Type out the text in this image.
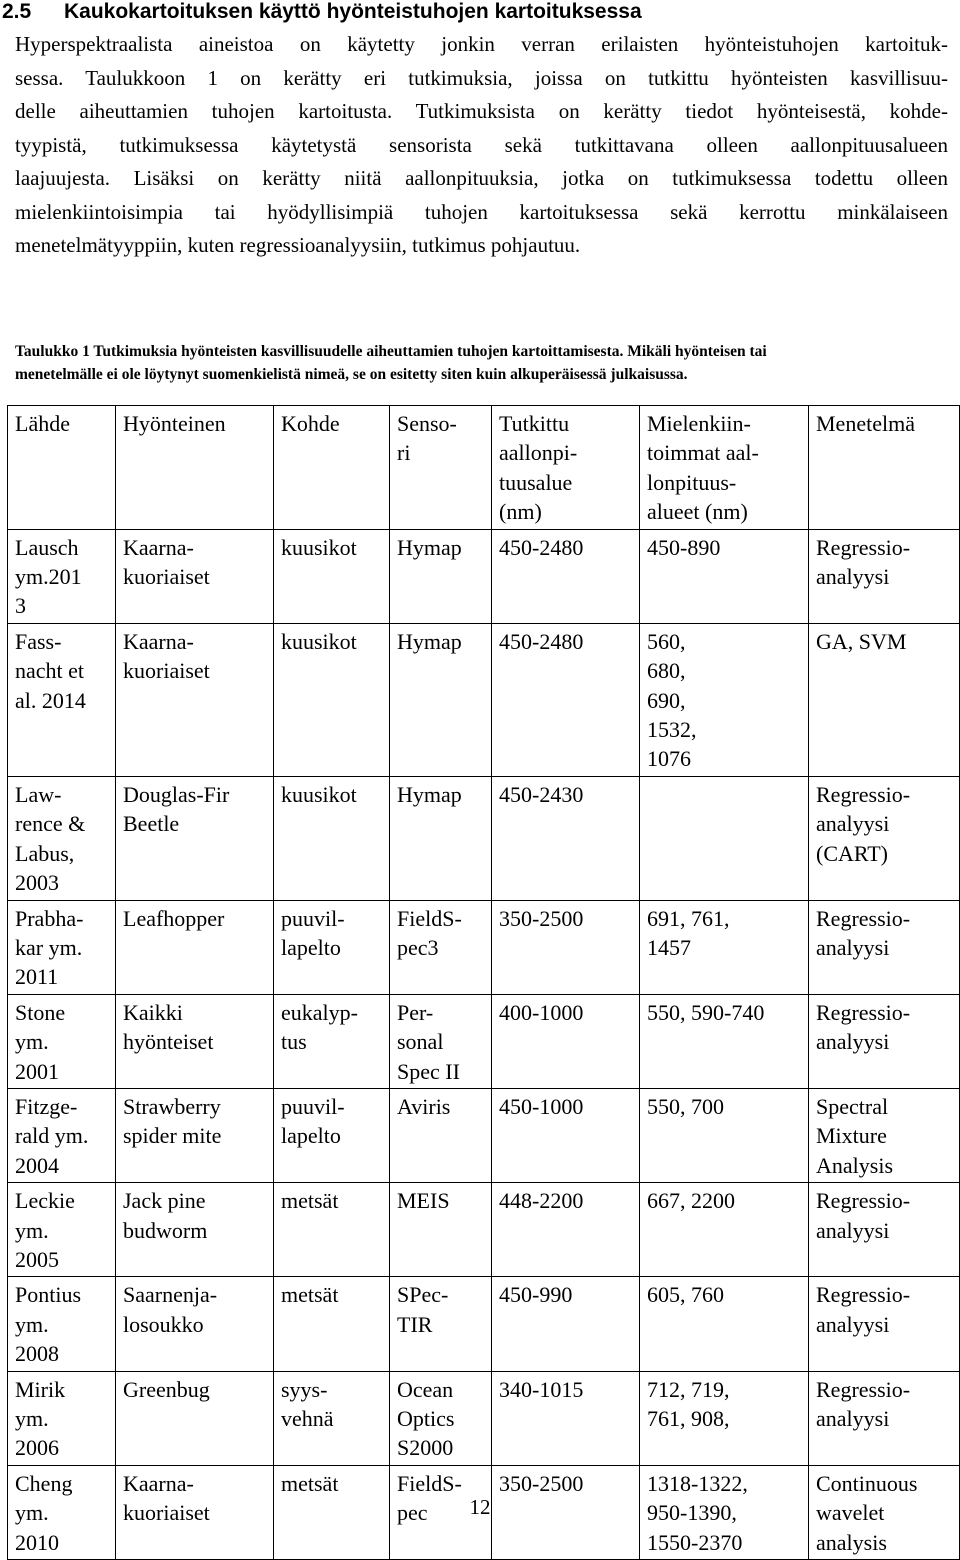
2.5 Kaukokartoituksen käyttö hyönteistuhojen kartoituksessa
Hyperspektraalista aineistoa on käytetty jonkin verran erilaisten hyönteistuhojen kartoituk-
sessa. Taulukkoon 1 on kerätty eri tutkimuksia, joissa on tutkittu hyönteisten kasvillisuu-
delle aiheuttamien tuhojen kartoitusta. Tutkimuksista on kerätty tiedot hyönteisestä, kohde-
tyypistä, tutkimuksessa käytetystä sensorista sekä tutkittavana olleen aallonpituusalueen
laajuujesta. Lisäksi on kerätty niitä aallonpituuksia, jotka on tutkimuksessa todettu olleen
mielenkiintoisimpia tai hyödyllisimpiä tuhojen kartoituksessa sekä kerrottu minkälaiseen
menetelmätyyppiin, kuten regressioanalyysiin, tutkimus pohjautuu.
Taulukko 1 Tutkimuksia hyönteisten kasvillisuudelle aiheuttamien tuhojen kartoittamisesta. Mikäli hyönteisen tai
menetelmälle ei ole löytynyt suomenkielistä nimeä, se on esitetty siten kuin alkuperäisessä julkaisussa.
Lähde	Hyönteinen	Kohde	Senso-
ri	Tutkittu
aallonpi-
tuusalue
(nm)	Mielenkiin-
toimmat aal-
lonpituus-
alueet (nm)	Menetelmä

Lausch
ym.201
3	Kaarna-
kuoriaiset	kuusikot	Hymap	450-2480	450-890	Regressio-
analyysi

Fass-
nacht et
al. 2014	Kaarna-
kuoriaiset	kuusikot	Hymap	450-2480	560,
680,
690,
1532,
1076	GA, SVM

Law-
rence &
Labus,
2003	Douglas-Fir
Beetle	kuusikot	Hymap	450-2430		Regressio-
analyysi
(CART)

Prabha-
kar ym.
2011	Leafhopper	puuvil-
lapelto	FieldS-
pec3	350-2500	691, 761,
1457	Regressio-
analyysi

Stone
ym.
2001	Kaikki
hyönteiset	eukalyp-
tus	Per-
sonal
Spec II	400-1000	550, 590-740	Regressio-
analyysi

Fitzge-
rald ym.
2004	Strawberry
spider mite	puuvil-
lapelto	Aviris	450-1000	550, 700	Spectral
Mixture
Analysis

Leckie
ym.
2005	Jack pine
budworm	metsät	MEIS	448-2200	667, 2200	Regressio-
analyysi

Pontius
ym.
2008	Saarnenja-
losoukko	metsät	SPec-
TIR	450-990	605, 760	Regressio-
analyysi

Mirik
ym.
2006	Greenbug	syys-
vehnä	Ocean
Optics
S2000	340-1015	712, 719,
761, 908,	Regressio-
analyysi

Cheng
ym.
2010	Kaarna-
kuoriaiset	metsät	FieldS-
pec	350-2500	1318-1322,
950-1390,
1550-2370	Continuous
wavelet
analysis
12
